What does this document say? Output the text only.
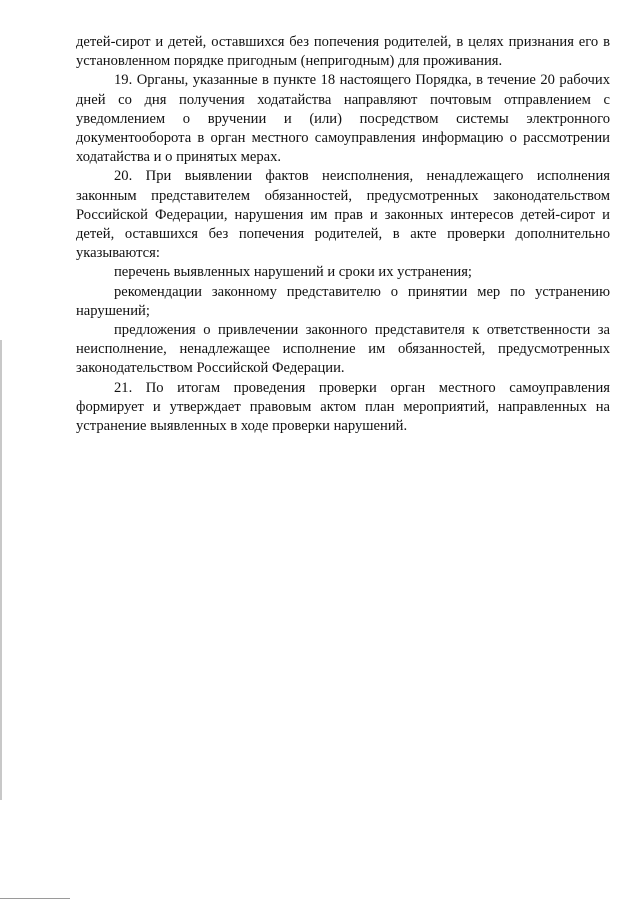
детей-сирот и детей, оставшихся без попечения родителей, в целях признания его в установленном порядке пригодным (непригодным) для проживания.

19. Органы, указанные в пункте 18 настоящего Порядка, в течение 20 рабочих дней со дня получения ходатайства направляют почтовым отправлением с уведомлением о вручении и (или) посредством системы электронного документооборота в орган местного самоуправления информацию о рассмотрении ходатайства и о принятых мерах.

20. При выявлении фактов неисполнения, ненадлежащего исполнения законным представителем обязанностей, предусмотренных законодательством Российской Федерации, нарушения им прав и законных интересов детей-сирот и детей, оставшихся без попечения родителей, в акте проверки дополнительно указываются:

перечень выявленных нарушений и сроки их устранения;

рекомендации законному представителю о принятии мер по устранению нарушений;

предложения о привлечении законного представителя к ответственности за неисполнение, ненадлежащее исполнение им обязанностей, предусмотренных законодательством Российской Федерации.

21. По итогам проведения проверки орган местного самоуправления формирует и утверждает правовым актом план мероприятий, направленных на устранение выявленных в ходе проверки нарушений.
